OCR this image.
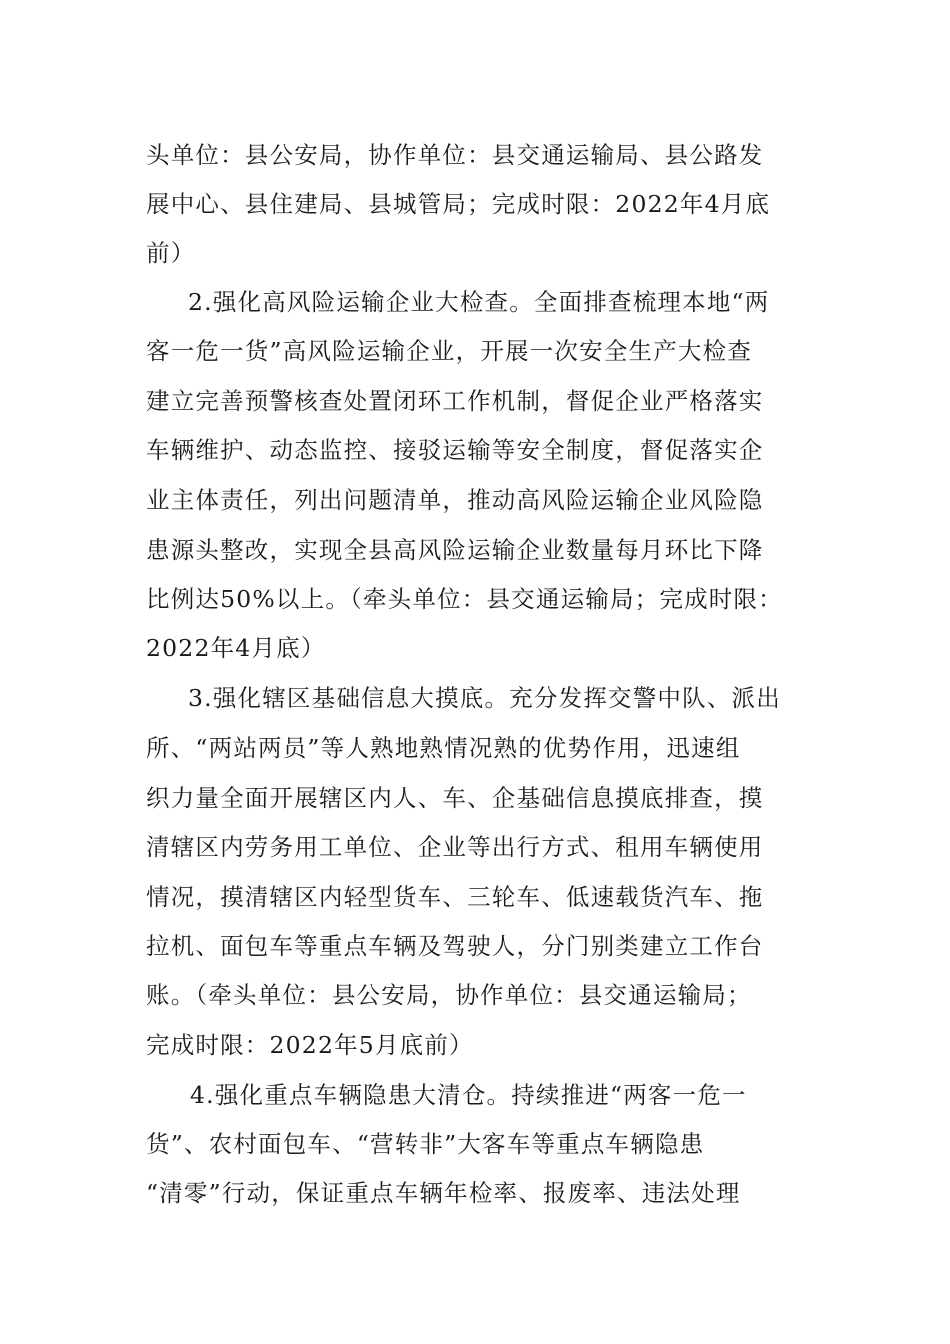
头单位：县公安局，协作单位：县交通运输局、县公路发

展中心、县住建局、县城管局；完成时限：2022年4月底

前）

2.强化高风险运输企业大检查。全面排查梳理本地“两

客一危一货”高风险运输企业，开展一次安全生产大检查

建立完善预警核查处置闭环工作机制，督促企业严格落实

车辆维护、动态监控、接驳运输等安全制度，督促落实企

业主体责任，列出问题清单，推动高风险运输企业风险隐

患源头整改，实现全县高风险运输企业数量每月环比下降

比例达50%以上。（牵头单位：县交通运输局；完成时限：

2022年4月底）

3.强化辖区基础信息大摸底。充分发挥交警中队、派出

所、“两站两员”等人熟地熟情况熟的优势作用，迅速组

织力量全面开展辖区内人、车、企基础信息摸底排查，摸

清辖区内劳务用工单位、企业等出行方式、租用车辆使用

情况，摸清辖区内轻型货车、三轮车、低速载货汽车、拖

拉机、面包车等重点车辆及驾驶人，分门别类建立工作台

账。（牵头单位：县公安局，协作单位：县交通运输局；

完成时限：2022年5月底前）

4.强化重点车辆隐患大清仓。持续推进“两客一危一

货”、农村面包车、“营转非”大客车等重点车辆隐患

“清零”行动，保证重点车辆年检率、报废率、违法处理
